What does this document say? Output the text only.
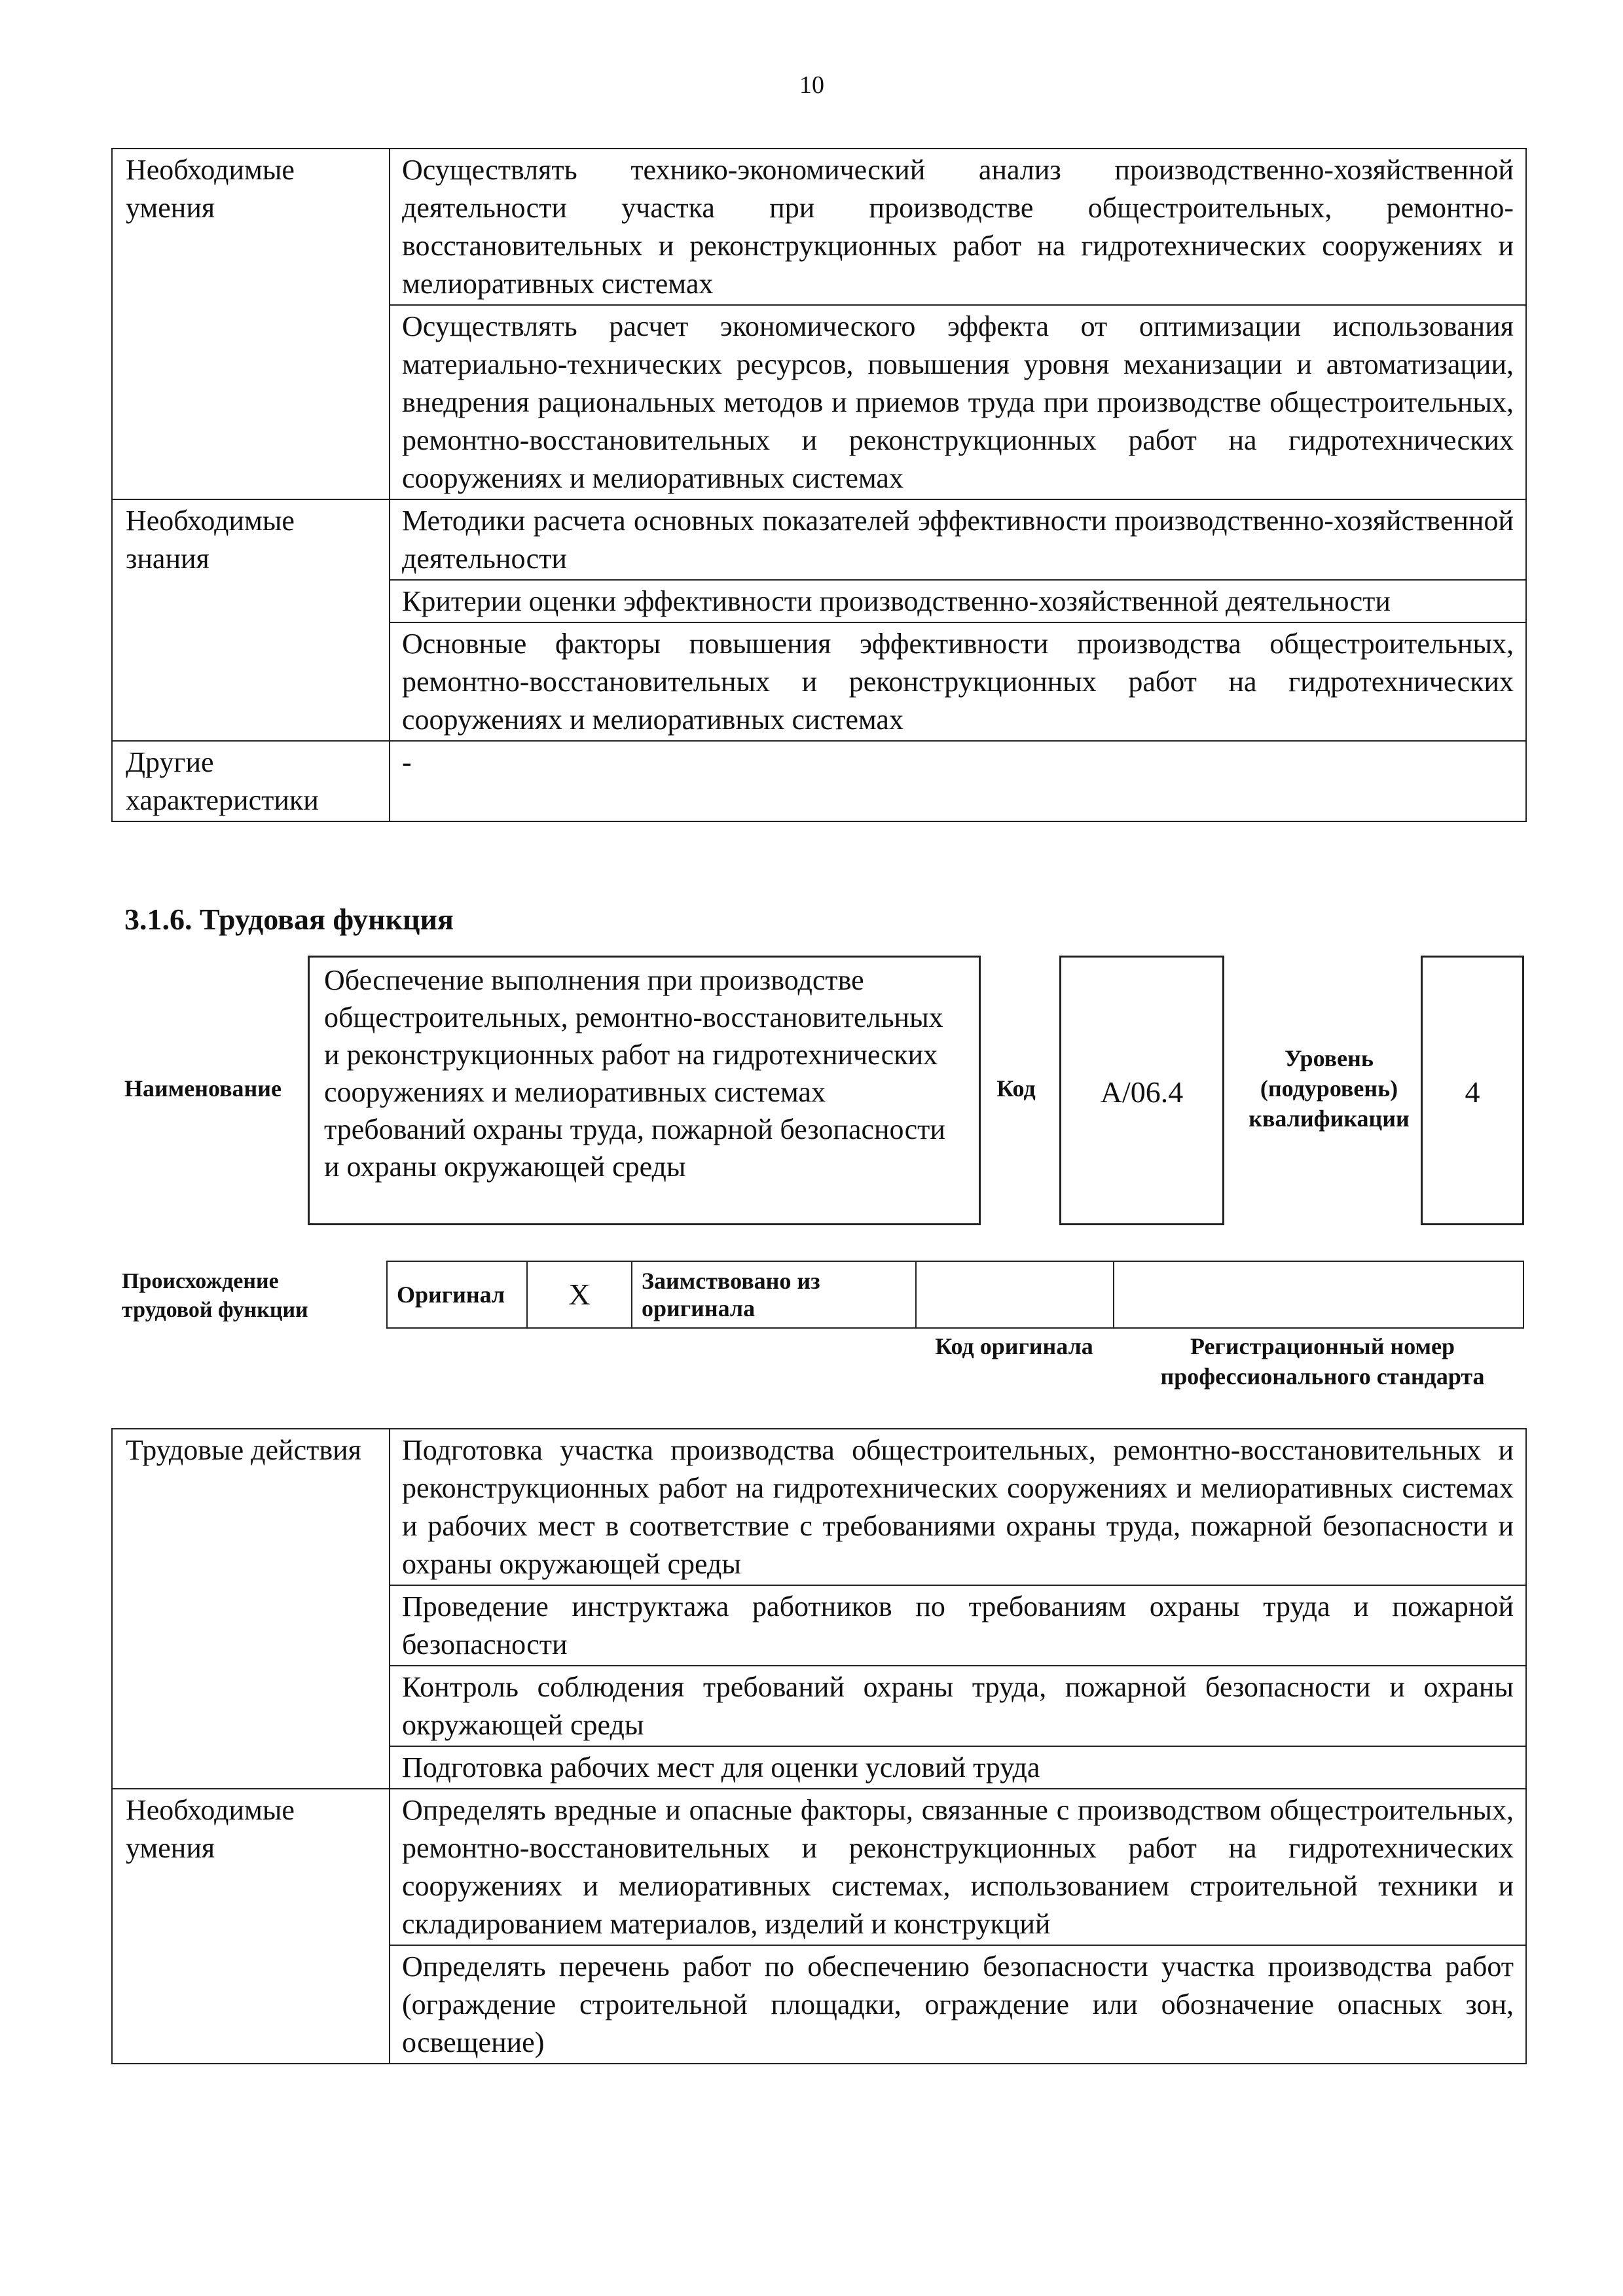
10
Необходимые умения	Осуществлять технико-экономический анализ производственно-хозяйственной деятельности участка при производстве общестроительных, ремонтно-восстановительных и реконструкционных работ на гидротехнических сооружениях и мелиоративных системах
	Осуществлять расчет экономического эффекта от оптимизации использования материально-технических ресурсов, повышения уровня механизации и автоматизации, внедрения рациональных методов и приемов труда при производстве общестроительных, ремонтно-восстановительных и реконструкционных работ на гидротехнических сооружениях и мелиоративных системах
Необходимые знания	Методики расчета основных показателей эффективности производственно-хозяйственной деятельности
	Критерии оценки эффективности производственно-хозяйственной деятельности
	Основные факторы повышения эффективности производства общестроительных, ремонтно-восстановительных и реконструкционных работ на гидротехнических сооружениях и мелиоративных системах
Другие характеристики	-
3.1.6. Трудовая функция
Наименование
Обеспечение выполнения при производстве общестроительных, ремонтно-восстановительных и реконструкционных работ на гидротехнических сооружениях и мелиоративных системах требований охраны труда, пожарной безопасности и охраны окружающей среды
Код	А/06.4
Уровень (подуровень) квалификации
4
Происхождение трудовой функции
Оригинал	X	Заимствовано из оригинала		
Код оригинала	Регистрационный номер профессионального стандарта
Трудовые действия	Подготовка участка производства общестроительных, ремонтно-восстановительных и реконструкционных работ на гидротехнических сооружениях и мелиоративных системах и рабочих мест в соответствие с требованиями охраны труда, пожарной безопасности и охраны окружающей среды
	Проведение инструктажа работников по требованиям охраны труда и пожарной безопасности
	Контроль соблюдения требований охраны труда, пожарной безопасности и охраны окружающей среды
	Подготовка рабочих мест для оценки условий труда
Необходимые умения	Определять вредные и опасные факторы, связанные с производством общестроительных, ремонтно-восстановительных и реконструкционных работ на гидротехнических сооружениях и мелиоративных системах, использованием строительной техники и складированием материалов, изделий и конструкций
	Определять перечень работ по обеспечению безопасности участка производства работ (ограждение строительной площадки, ограждение или обозначение опасных зон, освещение)
